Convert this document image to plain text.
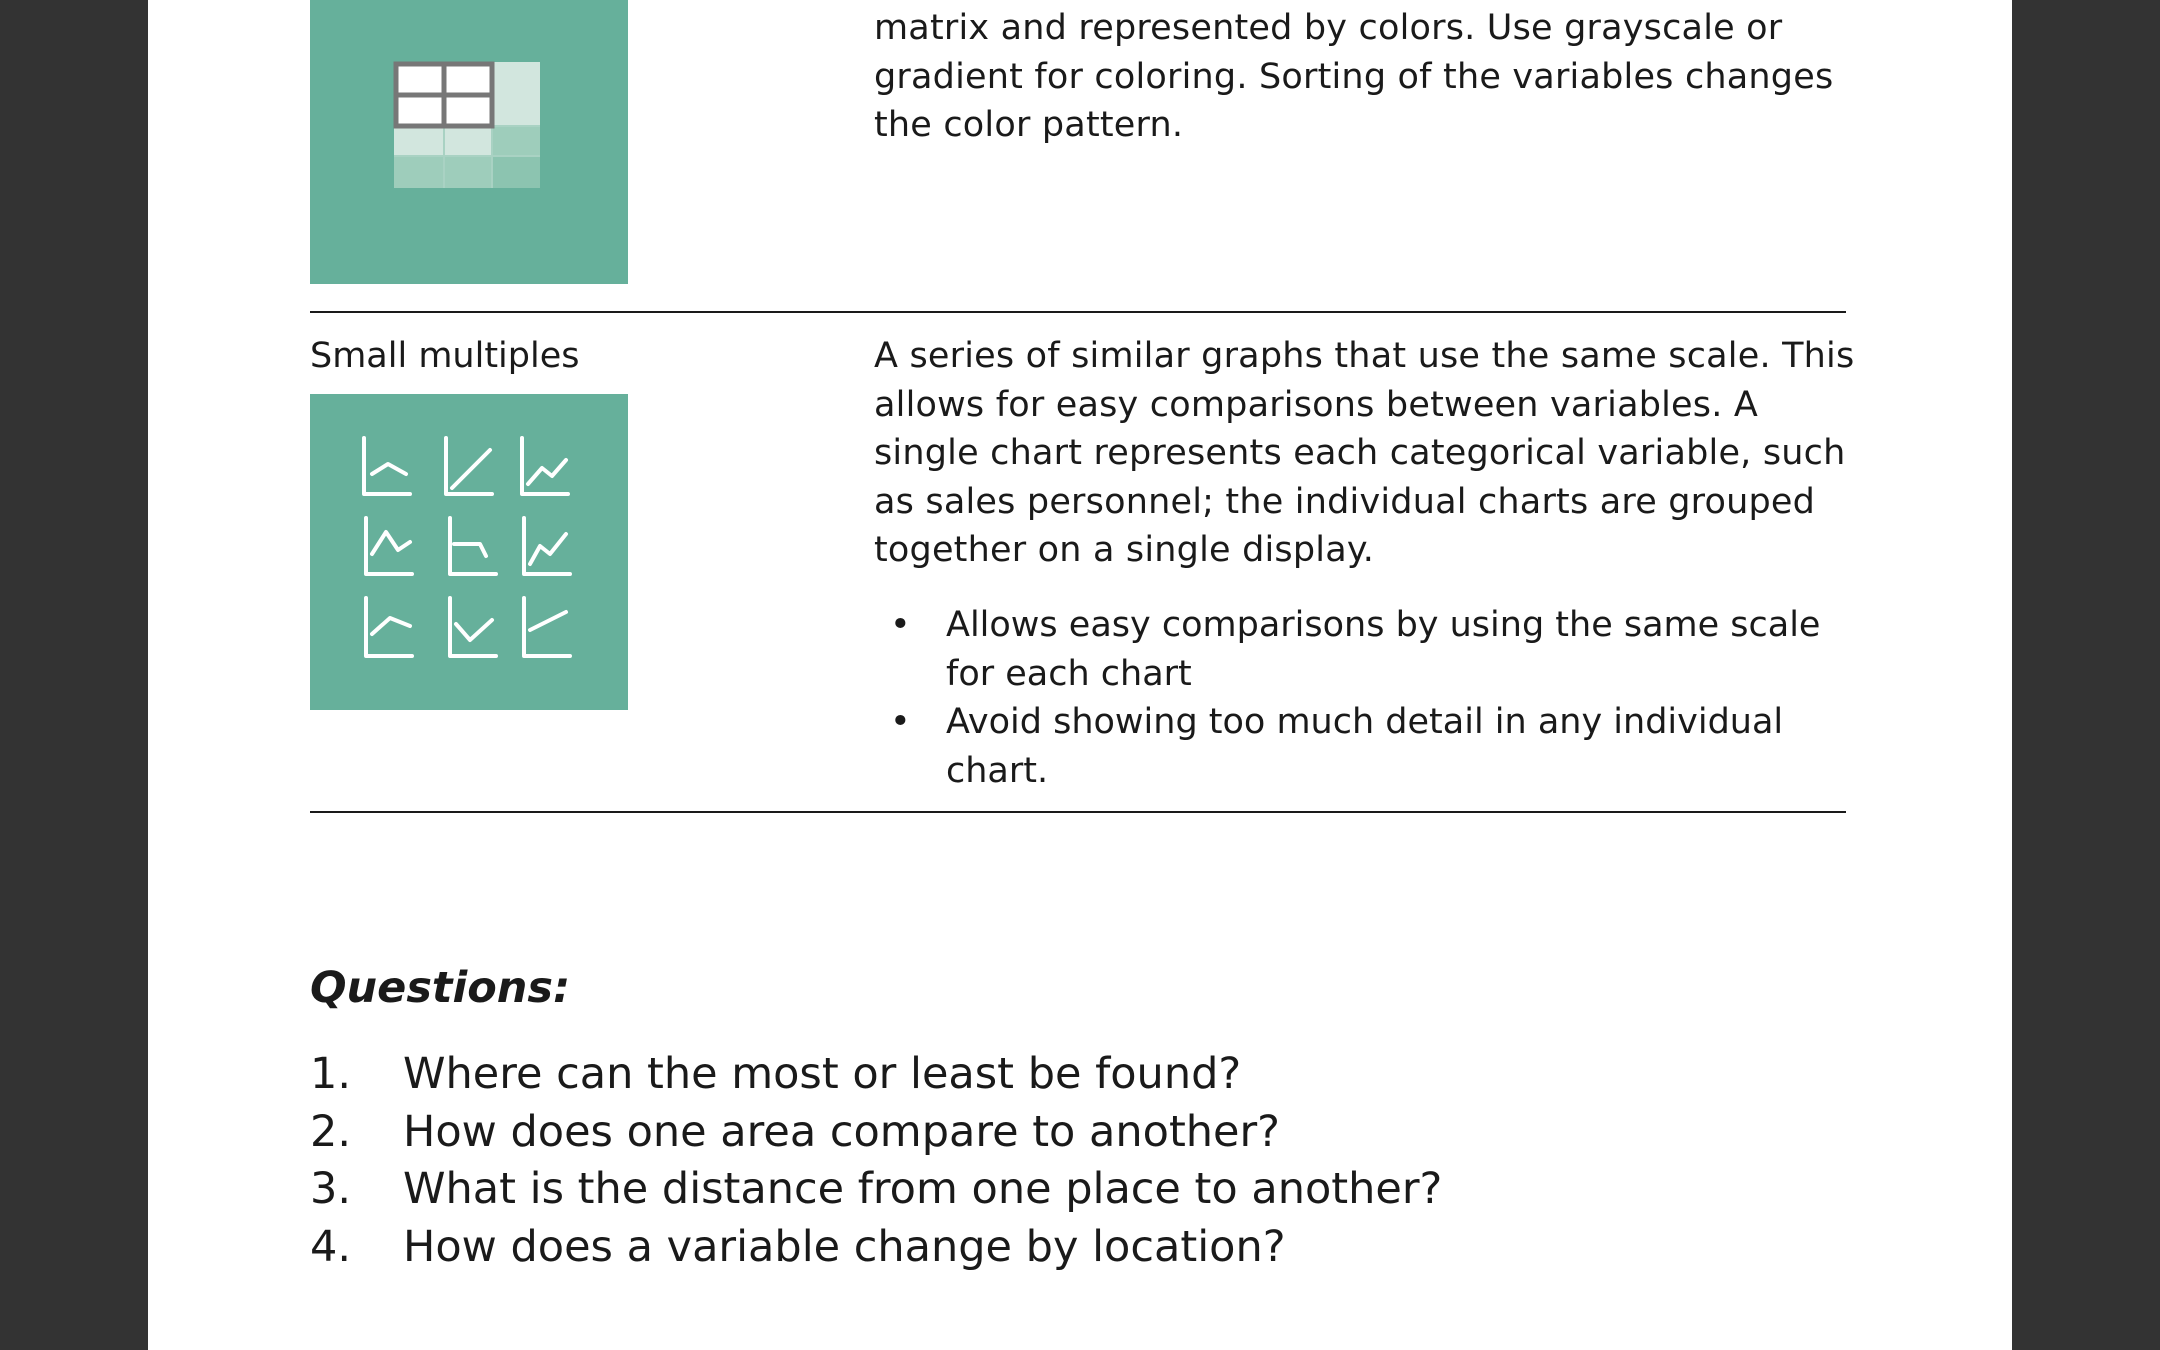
matrix and represented by colors. Use grayscale or
gradient for coloring. Sorting of the variables changes
the color pattern.
Small multiples	A series of similar graphs that use the same scale. This
allows for easy comparisons between variables. A
single chart represents each categorical variable, such
as sales personnel; the individual charts are grouped
together on a single display.
• Allows easy comparisons by using the same scale
for each chart
• Avoid showing too much detail in any individual
chart.
Questions:
1. Where can the most or least be found?
2. How does one area compare to another?
3. What is the distance from one place to another?
4. How does a variable change by location?
